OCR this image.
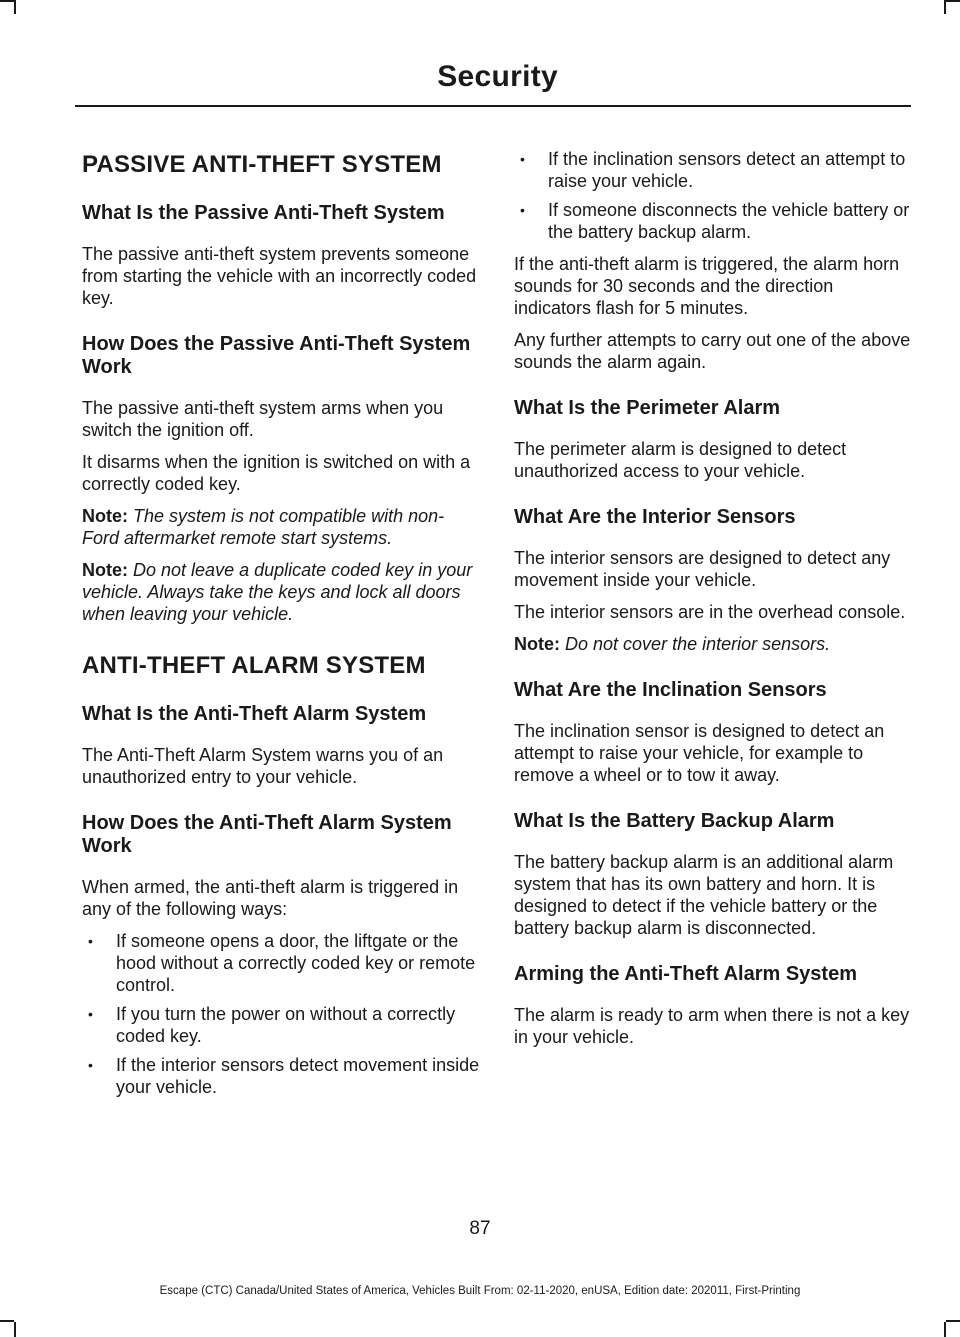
Security
PASSIVE ANTI-THEFT SYSTEM
What Is the Passive Anti-Theft System

The passive anti-theft system prevents someone from starting the vehicle with an incorrectly coded key.

How Does the Passive Anti-Theft System Work

The passive anti-theft system arms when you switch the ignition off.

It disarms when the ignition is switched on with a correctly coded key.

Note: The system is not compatible with non-Ford aftermarket remote start systems.

Note: Do not leave a duplicate coded key in your vehicle. Always take the keys and lock all doors when leaving your vehicle.

ANTI-THEFT ALARM SYSTEM
What Is the Anti-Theft Alarm System

The Anti-Theft Alarm System warns you of an unauthorized entry to your vehicle.

How Does the Anti-Theft Alarm System Work

When armed, the anti-theft alarm is triggered in any of the following ways:

• If someone opens a door, the liftgate or the hood without a correctly coded key or remote control.
• If you turn the power on without a correctly coded key.
• If the interior sensors detect movement inside your vehicle.
• If the inclination sensors detect an attempt to raise your vehicle.
• If someone disconnects the vehicle battery or the battery backup alarm.

If the anti-theft alarm is triggered, the alarm horn sounds for 30 seconds and the direction indicators flash for 5 minutes.

Any further attempts to carry out one of the above sounds the alarm again.

What Is the Perimeter Alarm

The perimeter alarm is designed to detect unauthorized access to your vehicle.

What Are the Interior Sensors

The interior sensors are designed to detect any movement inside your vehicle.

The interior sensors are in the overhead console.

Note: Do not cover the interior sensors.

What Are the Inclination Sensors

The inclination sensor is designed to detect an attempt to raise your vehicle, for example to remove a wheel or to tow it away.

What Is the Battery Backup Alarm

The battery backup alarm is an additional alarm system that has its own battery and horn. It is designed to detect if the vehicle battery or the battery backup alarm is disconnected.

Arming the Anti-Theft Alarm System

The alarm is ready to arm when there is not a key in your vehicle.

87
Escape (CTC) Canada/United States of America, Vehicles Built From: 02-11-2020, enUSA, Edition date: 202011, First-Printing
